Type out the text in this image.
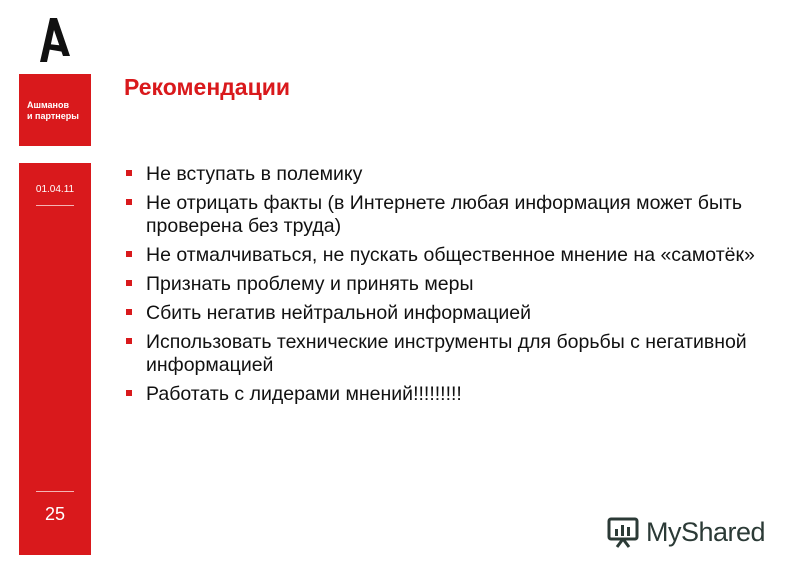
Ашманов
и партнеры
01.04.11
25
Рекомендации
Не вступать в полемику
Не отрицать факты (в Интернете любая информация может быть проверена без труда)
Не отмалчиваться, не пускать общественное мнение на «самотёк»
Признать проблему и принять меры
Сбить негатив нейтральной информацией
Использовать технические инструменты для борьбы с негативной информацией
Работать с лидерами мнений!!!!!!!!!
MyShared
